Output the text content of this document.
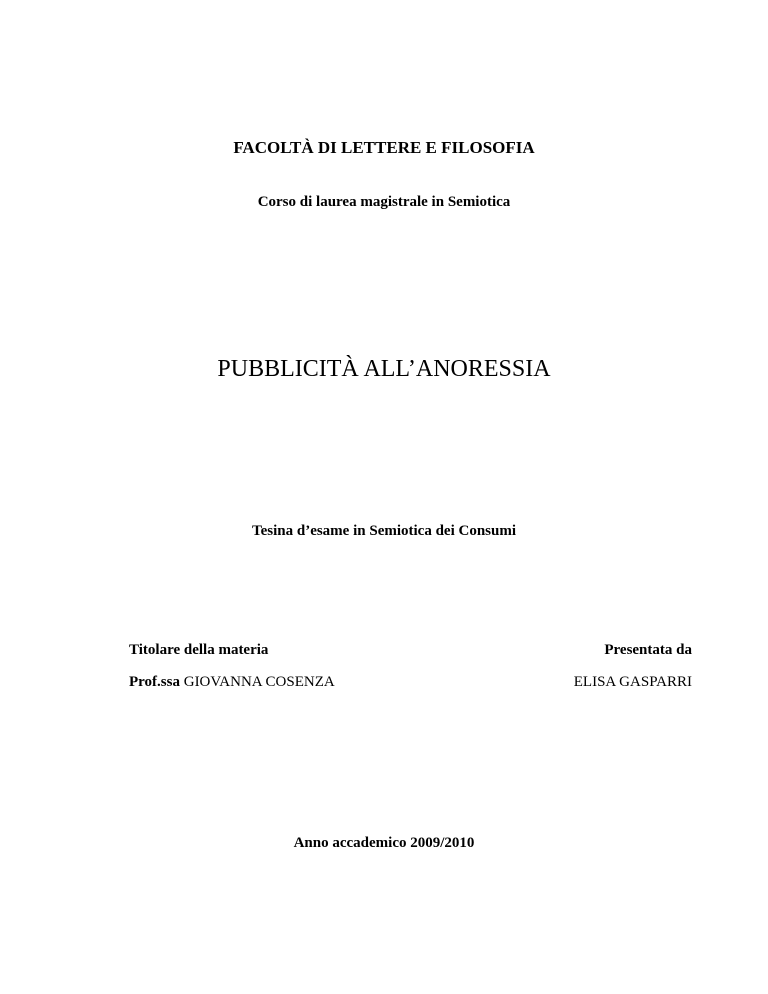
FACOLTÀ DI LETTERE E FILOSOFIA
Corso di laurea magistrale in Semiotica
PUBBLICITÀ ALL’ANORESSIA
Tesina d’esame in Semiotica dei Consumi
Titolare della materia
Prof.ssa GIOVANNA COSENZA
Presentata da
ELISA GASPARRI
Anno accademico 2009/2010
